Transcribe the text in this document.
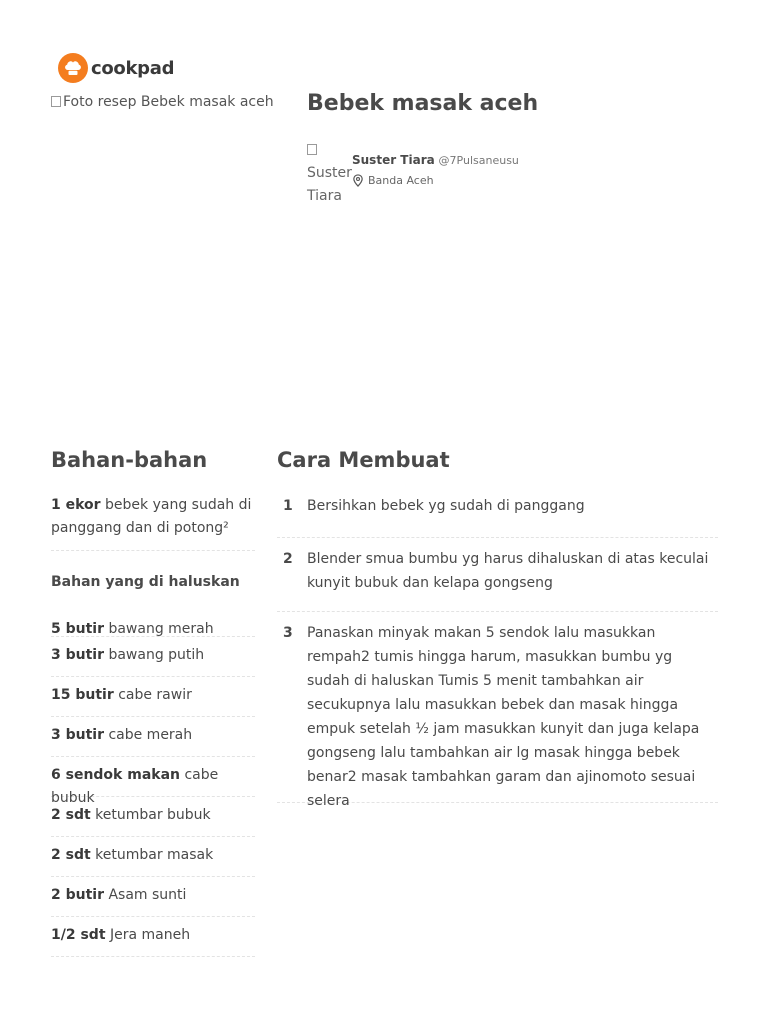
cookpad
Foto resep Bebek masak aceh Bebek masak aceh

Suster Tiara
Suster Tiara @7Pulsaneusu
Banda Aceh
Bahan-bahan	Cara Membuat
1 ekor bebek yang sudah di panggang dan di potong²
Bahan yang di haluskan
5 butir bawang merah
3 butir bawang putih
15 butir cabe rawir
3 butir cabe merah
6 sendok makan cabe bubuk
2 sdt ketumbar bubuk
2 sdt ketumbar masak
2 butir Asam sunti
1/2 sdt Jera maneh
1	Bersihkan bebek yg sudah di panggang
2	Blender smua bumbu yg harus dihaluskan di atas keculai kunyit bubuk dan kelapa gongseng
3	Panaskan minyak makan 5 sendok lalu masukkan rempah2 tumis hingga harum, masukkan bumbu yg sudah di haluskan Tumis 5 menit tambahkan air secukupnya lalu masukkan bebek dan masak hingga empuk setelah ½ jam masukkan kunyit dan juga kelapa gongseng lalu tambahkan air lg masak hingga bebek benar2 masak tambahkan garam dan ajinomoto sesuai selera
